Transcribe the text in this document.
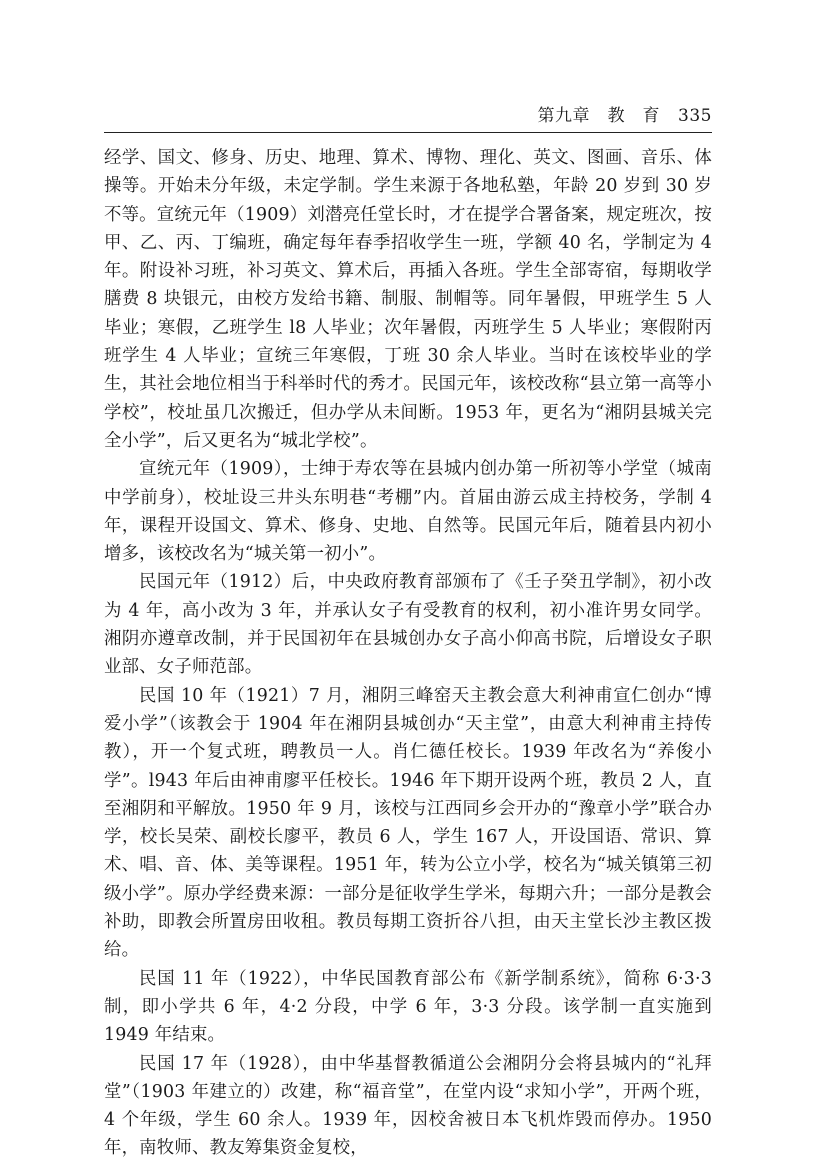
第九章　教　育 335

经学、国文、修身、历史、地理、算术、博物、理化、英文、图画、音乐、体操等。开始未分年级，未定学制。学生来源于各地私塾，年龄 20 岁到 30 岁不等。宣统元年（1909）刘潜亮任堂长时，才在提学合署备案，规定班次，按甲、乙、丙、丁编班，确定每年春季招收学生一班，学额 40 名，学制定为 4 年。附设补习班，补习英文、算术后，再插入各班。学生全部寄宿，每期收学膳费 8 块银元，由校方发给书籍、制服、制帽等。同年暑假，甲班学生 5 人毕业；寒假，乙班学生 l8 人毕业；次年暑假，丙班学生 5 人毕业；寒假附丙班学生 4 人毕业；宣统三年寒假，丁班 30 余人毕业。当时在该校毕业的学生，其社会地位相当于科举时代的秀才。民国元年，该校改称“县立第一高等小学校”，校址虽几次搬迁，但办学从未间断。1953 年，更名为“湘阴县城关完全小学”，后又更名为“城北学校”。

宣统元年（1909），士绅于寿农等在县城内创办第一所初等小学堂（城南中学前身），校址设三井头东明巷“考棚”内。首届由游云成主持校务，学制 4 年，课程开设国文、算术、修身、史地、自然等。民国元年后，随着县内初小增多，该校改名为“城关第一初小”。

民国元年（1912）后，中央政府教育部颁布了《壬子癸丑学制》，初小改为 4 年，高小改为 3 年，并承认女子有受教育的权利，初小准许男女同学。湘阴亦遵章改制，并于民国初年在县城创办女子高小仰高书院，后增设女子职业部、女子师范部。

民国 10 年（1921）7 月，湘阴三峰窑天主教会意大利神甫宣仁创办“博爱小学”（该教会于 1904 年在湘阴县城创办“天主堂”，由意大利神甫主持传教），开一个复式班，聘教员一人。肖仁德任校长。1939 年改名为“养俊小学”。l943 年后由神甫廖平任校长。1946 年下期开设两个班，教员 2 人，直至湘阴和平解放。1950 年 9 月，该校与江西同乡会开办的“豫章小学”联合办学，校长吴荣、副校长廖平，教员 6 人，学生 167 人，开设国语、常识、算术、唱、音、体、美等课程。1951 年，转为公立小学，校名为“城关镇第三初级小学”。原办学经费来源：一部分是征收学生学米，每期六升；一部分是教会补助，即教会所置房田收租。教员每期工资折谷八担，由天主堂长沙主教区拨给。

民国 11 年（1922），中华民国教育部公布《新学制系统》，简称 6·3·3 制，即小学共 6 年，4·2 分段，中学 6 年，3·3 分段。该学制一直实施到 1949 年结束。

民国 17 年（1928），由中华基督教循道公会湘阴分会将县城内的“礼拜堂”（1903 年建立的）改建，称“福音堂”，在堂内设“求知小学”，开两个班，4 个年级，学生 60 余人。1939 年，因校舍被日本飞机炸毁而停办。1950 年，南牧师、教友筹集资金复校，
